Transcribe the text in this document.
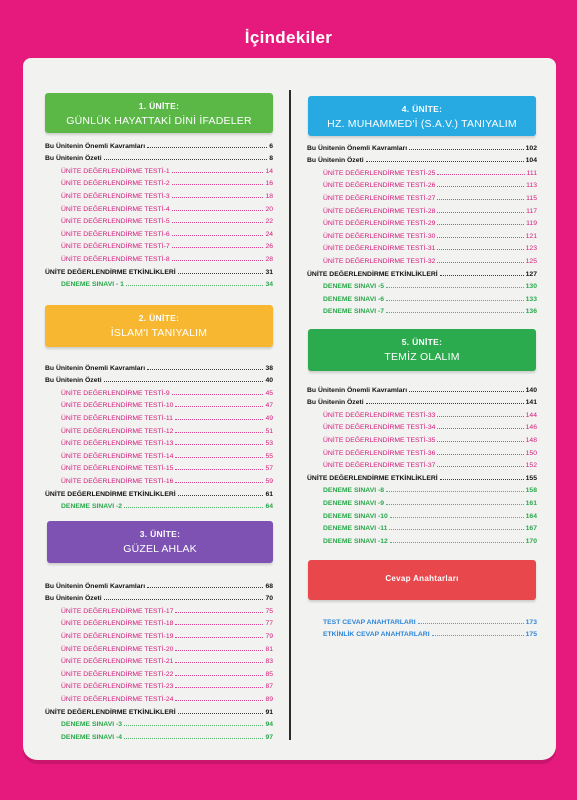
İçindekiler
1. ÜNİTE:
GÜNLÜK HAYATTAKİ DİNİ İFADELER
Bu Ünitenin Önemli Kavramları	6
Bu Ünitenin Özeti	8
ÜNİTE DEĞERLENDİRME TESTİ-1	14
ÜNİTE DEĞERLENDİRME TESTİ-2	16
ÜNİTE DEĞERLENDİRME TESTİ-3	18
ÜNİTE DEĞERLENDİRME TESTİ-4	20
ÜNİTE DEĞERLENDİRME TESTİ-5	22
ÜNİTE DEĞERLENDİRME TESTİ-6	24
ÜNİTE DEĞERLENDİRME TESTİ-7	26
ÜNİTE DEĞERLENDİRME TESTİ-8	28
ÜNİTE DEĞERLENDİRME ETKİNLİKLERİ	31
DENEME SINAVI - 1	34
2. ÜNİTE:
İSLAM'I TANIYALIM
Bu Ünitenin Önemli Kavramları	38
Bu Ünitenin Özeti	40
ÜNİTE DEĞERLENDİRME TESTİ-9	45
ÜNİTE DEĞERLENDİRME TESTİ-10	47
ÜNİTE DEĞERLENDİRME TESTİ-11	49
ÜNİTE DEĞERLENDİRME TESTİ-12	51
ÜNİTE DEĞERLENDİRME TESTİ-13	53
ÜNİTE DEĞERLENDİRME TESTİ-14	55
ÜNİTE DEĞERLENDİRME TESTİ-15	57
ÜNİTE DEĞERLENDİRME TESTİ-16	59
ÜNİTE DEĞERLENDİRME ETKİNLİKLERİ	61
DENEME SINAVI -2	64
3. ÜNİTE:
GÜZEL AHLAK
Bu Ünitenin Önemli Kavramları	68
Bu Ünitenin Özeti	70
ÜNİTE DEĞERLENDİRME TESTİ-17	75
ÜNİTE DEĞERLENDİRME TESTİ-18	77
ÜNİTE DEĞERLENDİRME TESTİ-19	79
ÜNİTE DEĞERLENDİRME TESTİ-20	81
ÜNİTE DEĞERLENDİRME TESTİ-21	83
ÜNİTE DEĞERLENDİRME TESTİ-22	85
ÜNİTE DEĞERLENDİRME TESTİ-23	87
ÜNİTE DEĞERLENDİRME TESTİ-24	89
ÜNİTE DEĞERLENDİRME ETKİNLİKLERİ	91
DENEME SINAVI -3	94
DENEME SINAVI -4	97
4. ÜNİTE:
HZ. MUHAMMED'İ (S.A.V.) TANIYALIM
Bu Ünitenin Önemli Kavramları	102
Bu Ünitenin Özeti	104
ÜNİTE DEĞERLENDİRME TESTİ-25	111
ÜNİTE DEĞERLENDİRME TESTİ-26	113
ÜNİTE DEĞERLENDİRME TESTİ-27	115
ÜNİTE DEĞERLENDİRME TESTİ-28	117
ÜNİTE DEĞERLENDİRME TESTİ-29	119
ÜNİTE DEĞERLENDİRME TESTİ-30	121
ÜNİTE DEĞERLENDİRME TESTİ-31	123
ÜNİTE DEĞERLENDİRME TESTİ-32	125
ÜNİTE DEĞERLENDİRME ETKİNLİKLERİ	127
DENEME SINAVI -5	130
DENEME SINAVI -6	133
DENEME SINAVI -7	136
5. ÜNİTE:
TEMİZ OLALIM
Bu Ünitenin Önemli Kavramları	140
Bu Ünitenin Özeti	141
ÜNİTE DEĞERLENDİRME TESTİ-33	144
ÜNİTE DEĞERLENDİRME TESTİ-34	146
ÜNİTE DEĞERLENDİRME TESTİ-35	148
ÜNİTE DEĞERLENDİRME TESTİ-36	150
ÜNİTE DEĞERLENDİRME TESTİ-37	152
ÜNİTE DEĞERLENDİRME ETKİNLİKLERİ	155
DENEME SINAVI -8	158
DENEME SINAVI -9	161
DENEME SINAVI -10	164
DENEME SINAVI -11	167
DENEME SINAVI -12	170
Cevap Anahtarları
TEST CEVAP ANAHTARLARI	173
ETKİNLİK CEVAP ANAHTARLARI	175
